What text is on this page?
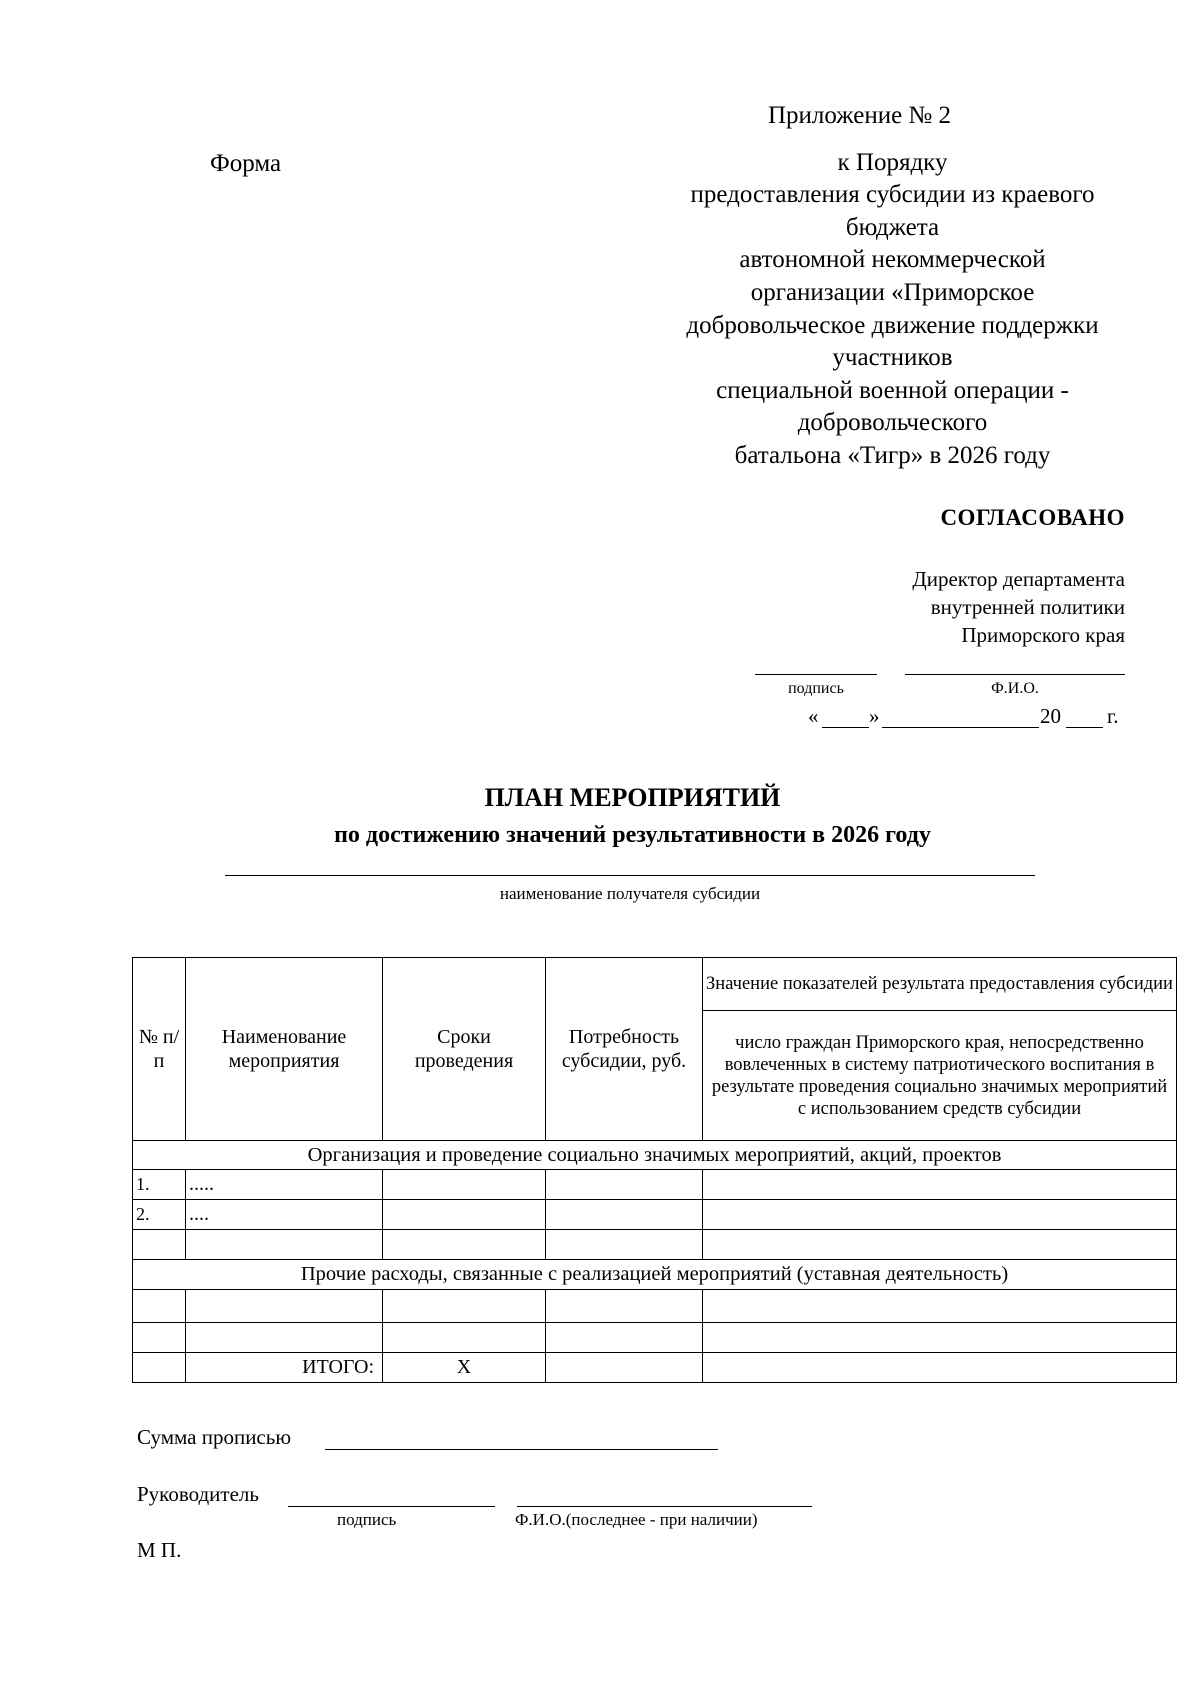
Форма
Приложение № 2
к Порядку
предоставления субсидии из краевого
бюджета
автономной некоммерческой
организации «Приморское
добровольческое движение поддержки
участников
специальной военной операции -
добровольческого
батальона «Тигр» в 2026 году
СОГЛАСОВАНО
Директор департамента
внутренней политики
Приморского края
подпись	Ф.И.О.
« »	20 г.
ПЛАН МЕРОПРИЯТИЙ
по достижению значений результативности в 2026 году
наименование получателя субсидии
№ п/п	Наименование мероприятия	Сроки проведения	Потребность субсидии, руб.	Значение показателей результата предоставления субсидии
				число граждан Приморского края, непосредственно вовлеченных в систему патриотического воспитания в результате проведения социально значимых мероприятий с использованием средств субсидии
Организация и проведение социально значимых мероприятий, акций, проектов				
1.	.....			
2.	....			

Прочие расходы, связанные с реализацией мероприятий (уставная деятельность)				

	ИТОГО:	Х		
Сумма прописью
Руководитель
подпись	Ф.И.О.(последнее - при наличии)
М П.
